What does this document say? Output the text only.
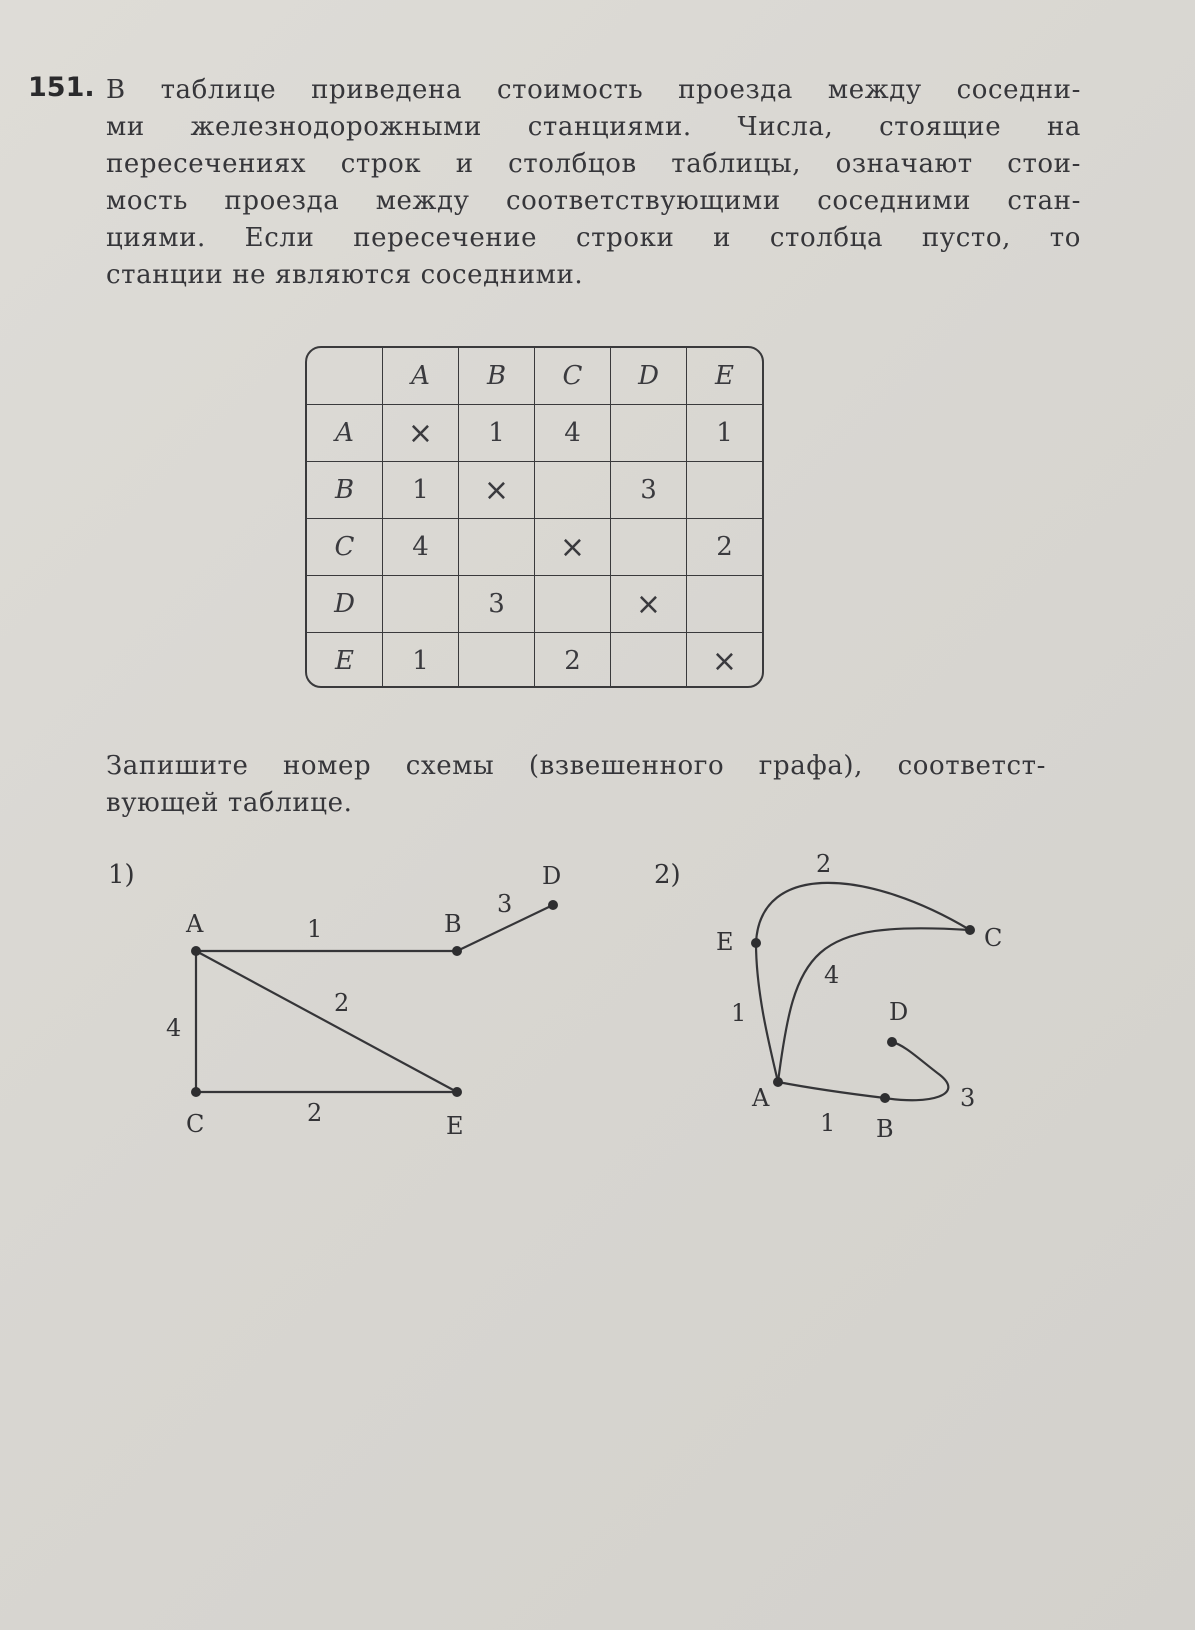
151. В таблице приведена стоимость проезда между соседни-
ми железнодорожными станциями. Числа, стоящие на
пересечениях строк и столбцов таблицы, означают стои-
мость проезда между соответствующими соседними стан-
циями. Если пересечение строки и столбца пусто, то
станции не являются соседними.
	A	B	C	D	E
A	×	1	4		1
B	1	×		3	
C	4		×		2
D		3		×	
E	1		2		×
Запишите номер схемы (взвешенного графа), соответст-
вующей таблице.
1)
A	B
D
C	E
1
3
2
4
2
2)
E	C
A
B
D
2
4
1
1
3
